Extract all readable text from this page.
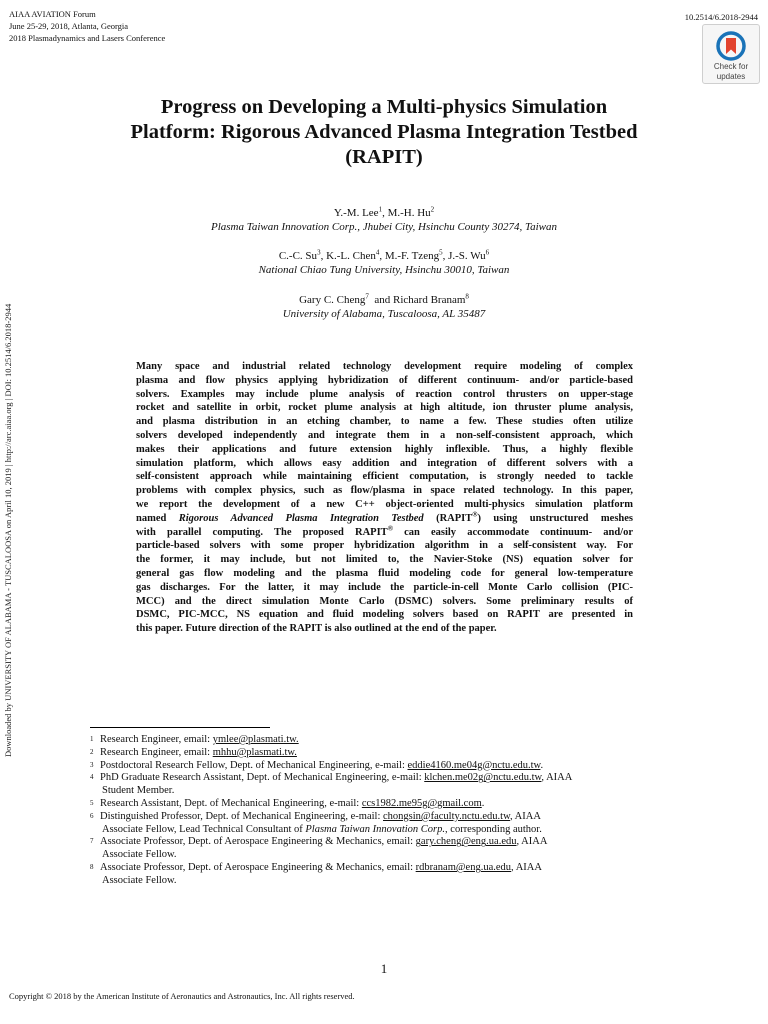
AIAA AVIATION Forum
June 25-29, 2018, Atlanta, Georgia
2018 Plasmadynamics and Lasers Conference
10.2514/6.2018-2944
Check for
updates
Downloaded by UNIVERSITY OF ALABAMA - TUSCALOOSA on April 10, 2019 | http://arc.aiaa.org | DOI: 10.2514/6.2018-2944
Progress on Developing a Multi-physics Simulation
Platform: Rigorous Advanced Plasma Integration Testbed
(RAPIT)
Y.-M. Lee$^1$, M.-H. Hu$^2$
Plasma Taiwan Innovation Corp., Jhubei City, Hsinchu County 30274, Taiwan
C.-C. Su$^3$, K.-L. Chen$^4$, M.-F. Tzeng$^5$, J.-S. Wu$^6$
National Chiao Tung University, Hsinchu 30010, Taiwan
Gary C. Cheng$^7$  and Richard Branam$^8$
University of Alabama, Tuscaloosa, AL 35487
Many space and industrial related technology development require modeling of complex
plasma and flow physics applying hybridization of different continuum- and/or particle-based
solvers. Examples may include plume analysis of reaction control thrusters on upper-stage
rocket and satellite in orbit, rocket plume analysis at high altitude, ion thruster plume analysis,
and plasma distribution in an etching chamber, to name a few. These studies often utilize
solvers developed independently and integrate them in a non-self-consistent approach, which
makes their applications and future extension highly inflexible. Thus, a highly flexible
simulation platform, which allows easy addition and integration of different solvers with a
self-consistent approach while maintaining efficient computation, is strongly needed to tackle
problems with complex physics, such as flow/plasma in space related technology. In this paper,
we report the development of a new C++ object-oriented multi-physics simulation platform
named Rigorous Advanced Plasma Integration Testbed (RAPIT®) using unstructured meshes
with parallel computing. The proposed RAPIT® can easily accommodate continuum- and/or
particle-based solvers with some proper hybridization algorithm in a self-consistent way. For
the former, it may include, but not limited to, the Navier-Stoke (NS) equation solver for
general gas flow modeling and the plasma fluid modeling code for general low-temperature
gas discharges. For the latter, it may include the particle-in-cell Monte Carlo collision (PIC-
MCC) and the direct simulation Monte Carlo (DSMC) solvers. Some preliminary results of
DSMC, PIC-MCC, NS equation and fluid modeling solvers based on RAPIT are presented in
this paper. Future direction of the RAPIT is also outlined at the end of the paper.
1 Research Engineer, email: ymlee@plasmati.tw.
2 Research Engineer, email: mhhu@plasmati.tw.
3 Postdoctoral Research Fellow, Dept. of Mechanical Engineering, e-mail: eddie4160.me04g@nctu.edu.tw.
4 PhD Graduate Research Assistant, Dept. of Mechanical Engineering, e-mail: klchen.me02g@nctu.edu.tw, AIAA
Student Member.
5 Research Assistant, Dept. of Mechanical Engineering, e-mail: ccs1982.me95g@gmail.com.
6 Distinguished Professor, Dept. of Mechanical Engineering, e-mail: chongsin@faculty.nctu.edu.tw, AIAA
Associate Fellow, Lead Technical Consultant of Plasma Taiwan Innovation Corp., corresponding author.
7 Associate Professor, Dept. of Aerospace Engineering & Mechanics, email: gary.cheng@eng.ua.edu, AIAA
Associate Fellow.
8 Associate Professor, Dept. of Aerospace Engineering & Mechanics, email: rdbranam@eng.ua.edu, AIAA
Associate Fellow.
1
Copyright © 2018 by the American Institute of Aeronautics and Astronautics, Inc. All rights reserved.
